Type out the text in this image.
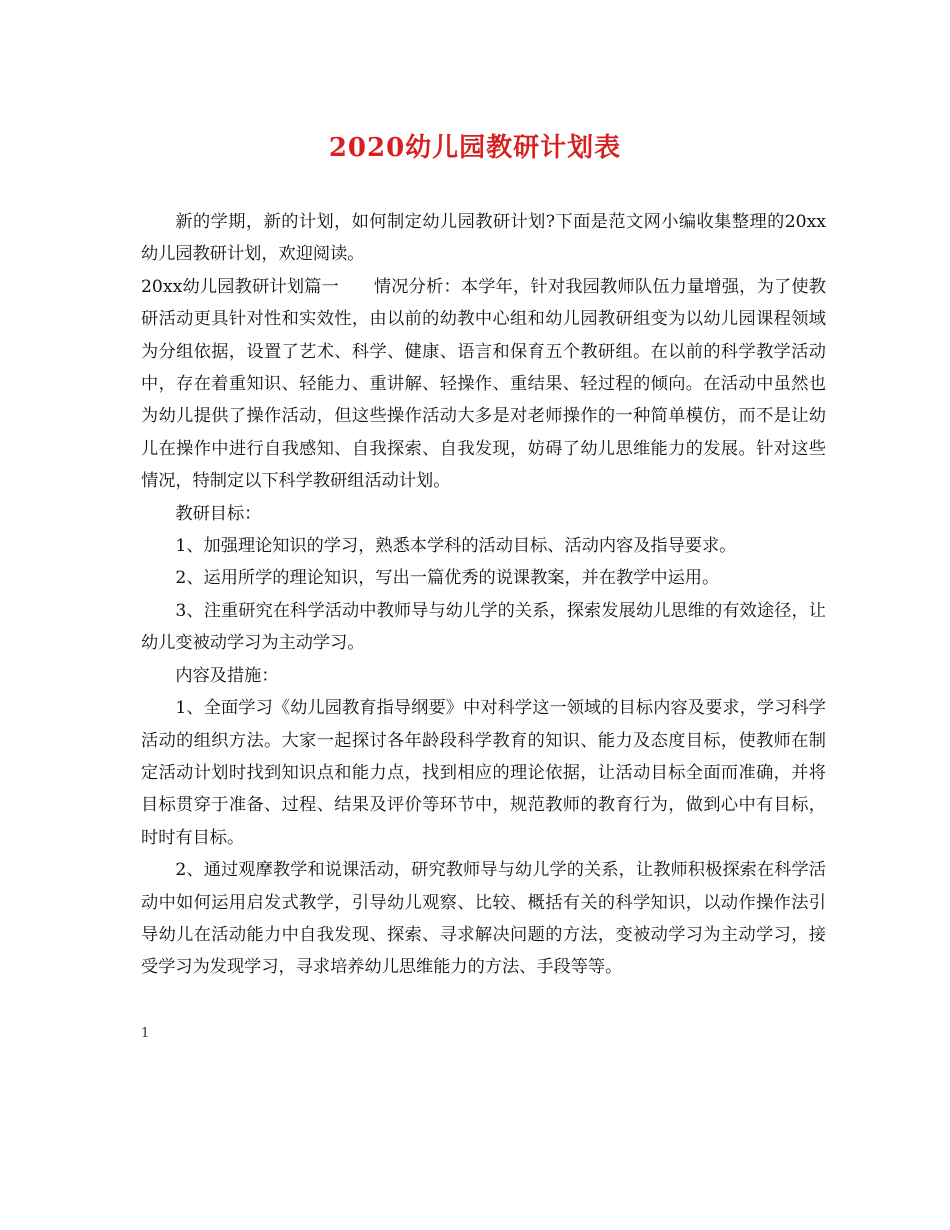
2020幼儿园教研计划表

新的学期，新的计划，如何制定幼儿园教研计划?下面是范文网小编收集整理的20xx幼儿园教研计划，欢迎阅读。

20xx幼儿园教研计划篇一　　情况分析：本学年，针对我园教师队伍力量增强，为了使教研活动更具针对性和实效性，由以前的幼教中心组和幼儿园教研组变为以幼儿园课程领域为分组依据，设置了艺术、科学、健康、语言和保育五个教研组。在以前的科学教学活动中，存在着重知识、轻能力、重讲解、轻操作、重结果、轻过程的倾向。在活动中虽然也为幼儿提供了操作活动，但这些操作活动大多是对老师操作的一种简单模仿，而不是让幼儿在操作中进行自我感知、自我探索、自我发现，妨碍了幼儿思维能力的发展。针对这些情况，特制定以下科学教研组活动计划。

教研目标：

1、加强理论知识的学习，熟悉本学科的活动目标、活动内容及指导要求。

2、运用所学的理论知识，写出一篇优秀的说课教案，并在教学中运用。

3、注重研究在科学活动中教师导与幼儿学的关系，探索发展幼儿思维的有效途径，让幼儿变被动学习为主动学习。

内容及措施：

1、全面学习《幼儿园教育指导纲要》中对科学这一领域的目标内容及要求，学习科学活动的组织方法。大家一起探讨各年龄段科学教育的知识、能力及态度目标，使教师在制定活动计划时找到知识点和能力点，找到相应的理论依据，让活动目标全面而准确，并将目标贯穿于准备、过程、结果及评价等环节中，规范教师的教育行为，做到心中有目标，时时有目标。

2、通过观摩教学和说课活动，研究教师导与幼儿学的关系，让教师积极探索在科学活动中如何运用启发式教学，引导幼儿观察、比较、概括有关的科学知识，以动作操作法引导幼儿在活动能力中自我发现、探索、寻求解决问题的方法，变被动学习为主动学习，接受学习为发现学习，寻求培养幼儿思维能力的方法、手段等等。

1
